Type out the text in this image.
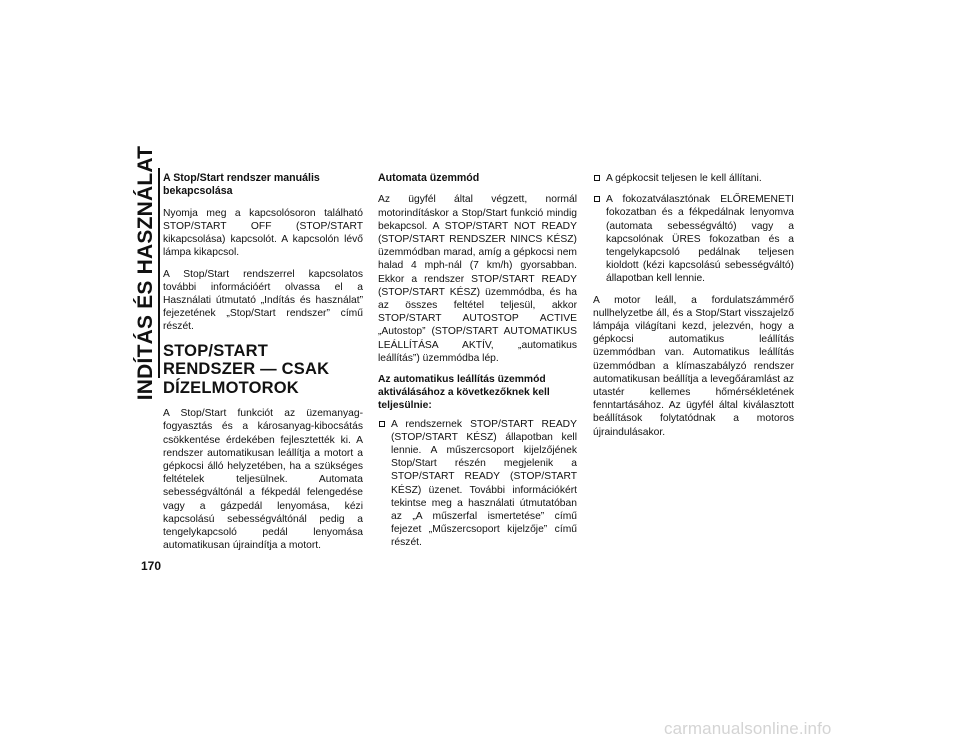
INDÍTÁS ÉS HASZNÁLAT
170
A Stop/Start rendszer manuális bekapcsolása
Nyomja meg a kapcsolósoron található STOP/START OFF (STOP/START kikapcsolása) kapcsolót. A kapcsolón lévő lámpa kikapcsol.
A Stop/Start rendszerrel kapcsolatos további információért olvassa el a Használati útmutató „Indítás és használat” fejezetének „Stop/Start rendszer” című részét.
STOP/START RENDSZER — CSAK DÍZELMOTOROK
A Stop/Start funkciót az üzemanyag-fogyasztás és a károsanyag-kibocsátás csökkentése érdekében fejlesztették ki. A rendszer automatikusan leállítja a motort a gépkocsi álló helyzetében, ha a szükséges feltételek teljesülnek. Automata sebességváltónál a fékpedál felengedése vagy a gázpedál lenyomása, kézi kapcsolású sebességváltónál pedig a tengelykapcsoló pedál lenyomása automatikusan újraindítja a motort.
Automata üzemmód
Az ügyfél által végzett, normál motorindításkor a Stop/Start funkció mindig bekapcsol. A STOP/START NOT READY (STOP/START RENDSZER NINCS KÉSZ) üzemmódban marad, amíg a gépkocsi nem halad 4 mph-nál (7 km/h) gyorsabban. Ekkor a rendszer STOP/START READY (STOP/START KÉSZ) üzemmódba, és ha az összes feltétel teljesül, akkor STOP/START AUTOSTOP ACTIVE „Autostop” (STOP/START AUTOMATIKUS LEÁLLÍTÁSA AKTÍV, „automatikus leállítás”) üzemmódba lép.
Az automatikus leállítás üzemmód aktiválásához a következőknek kell teljesülnie:
A rendszernek STOP/START READY (STOP/START KÉSZ) állapotban kell lennie. A műszercsoport kijelzőjének Stop/Start részén megjelenik a STOP/START READY (STOP/START KÉSZ) üzenet. További információkért tekintse meg a használati útmutatóban az „A műszerfal ismertetése” című fejezet „Műszercsoport kijelzője” című részét.
A gépkocsit teljesen le kell állítani.
A fokozatválasztónak ELŐREMENETI fokozatban és a fékpedálnak lenyomva (automata sebességváltó) vagy a kapcsolónak ÜRES fokozatban és a tengelykapcsoló pedálnak teljesen kioldott (kézi kapcsolású sebességváltó) állapotban kell lennie.
A motor leáll, a fordulatszámmérő nullhelyzetbe áll, és a Stop/Start visszajelző lámpája világítani kezd, jelezvén, hogy a gépkocsi automatikus leállítás üzemmódban van. Automatikus leállítás üzemmódban a klímaszabályzó rendszer automatikusan beállítja a levegőáramlást az utastér kellemes hőmérsékletének fenntartásához. Az ügyfél által kiválasztott beállítások folytatódnak a motoros újraindulásakor.
carmanualsonline.info
